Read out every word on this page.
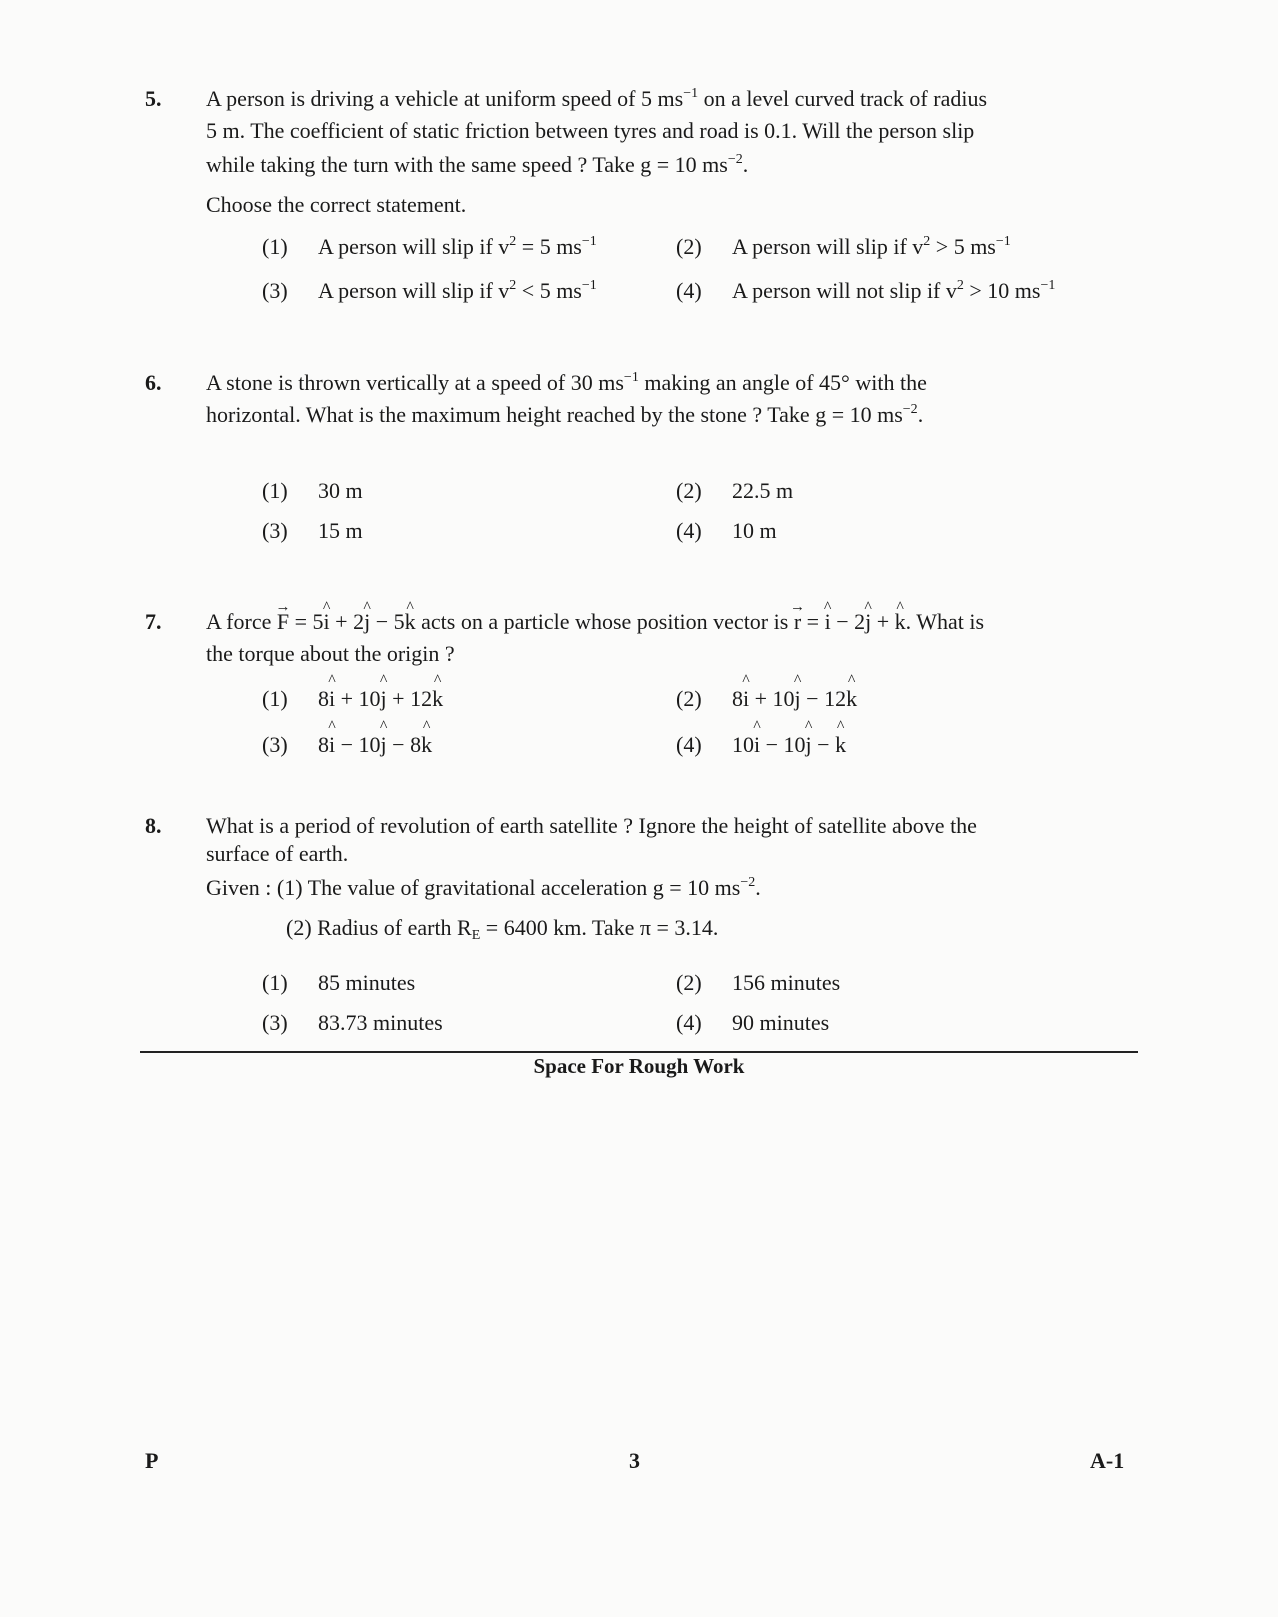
5. A person is driving a vehicle at uniform speed of 5 $ms^{-1}$ on a level curved track of radius
5 m. The coefficient of static friction between tyres and road is 0.1. Will the person slip
while taking the turn with the same speed ? Take g = 10 $ms^{-2}$.
Choose the correct statement.
(1) A person will slip if $v^2 = 5$ $ms^{-1}$	(2) A person will slip if $v^2 > 5$ $ms^{-1}$
(3) A person will slip if $v^2 < 5$ $ms^{-1}$	(4) A person will not slip if $v^2 > 10$ $ms^{-1}$
6. A stone is thrown vertically at a speed of 30 $ms^{-1}$ making an angle of 45° with the
horizontal. What is the maximum height reached by the stone ? Take g = 10 $ms^{-2}$.
(1) 30 m	(2) 22.5 m
(3) 15 m	(4) 10 m
7. A force → F = 5^ i + 2^ j − 5^ k acts on a particle whose position vector is → r = ^ i − 2^ j + ^ k. What is
the torque about the origin ?
(1) 8^ i + 10^ j + 12^ k	(2) 8^ i + 10^ j − 12^ k
(3) 8^ i − 10^ j − 8^ k	(4) 10^ i − 10^ j − ^ k
8. What is a period of revolution of earth satellite ? Ignore the height of satellite above the
surface of earth.
Given : (1) The value of gravitational acceleration g = 10 $ms^{-2}$.
(2) Radius of earth $R_E = 6400$ km. Take π = 3.14.
(1) 85 minutes	(2) 156 minutes
(3) 83.73 minutes	(4) 90 minutes
Space For Rough Work
P	3	A-1
